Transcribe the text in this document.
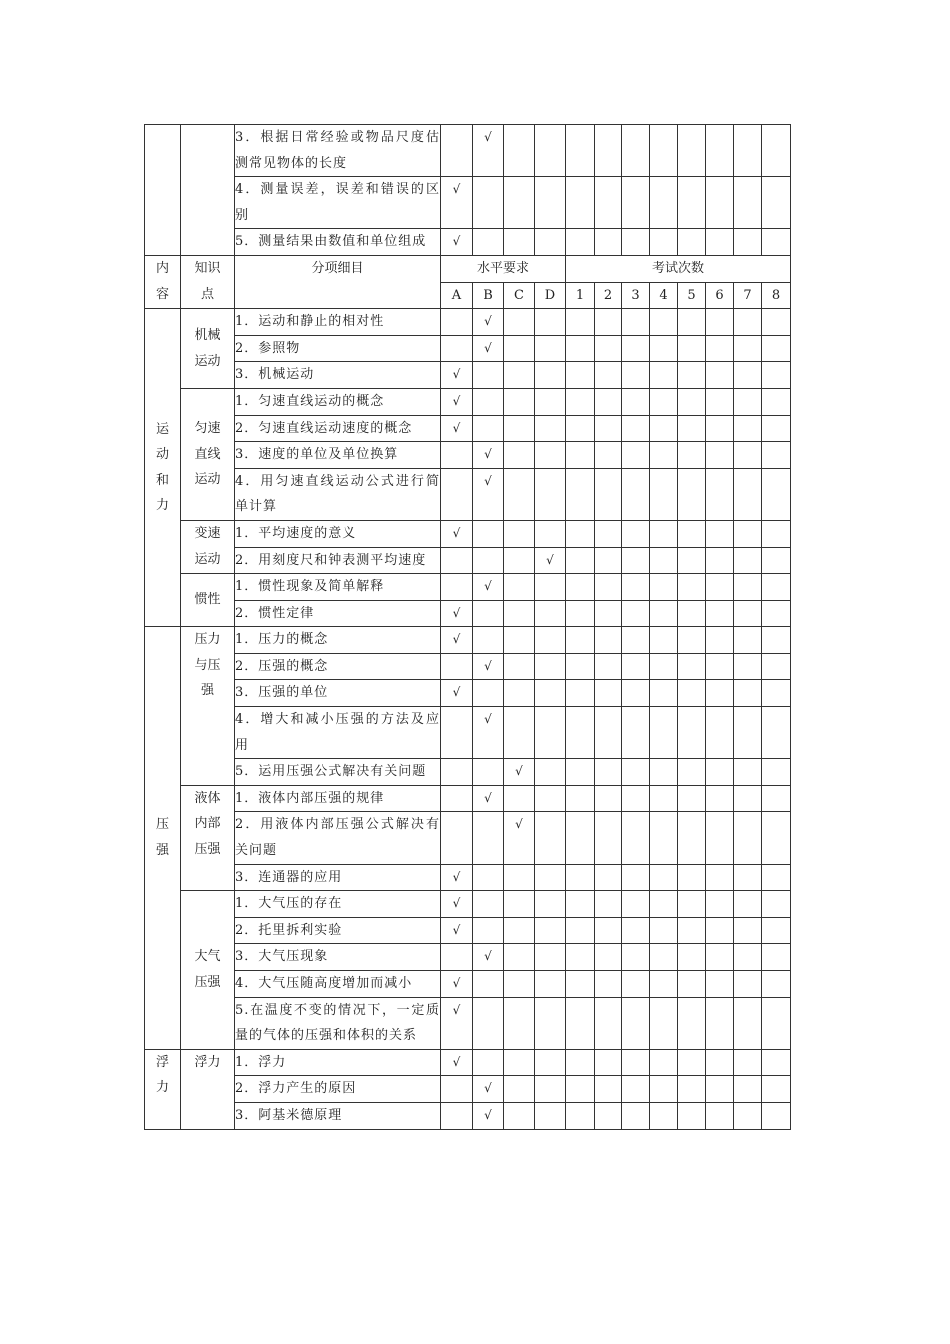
		3．根据日常经验或物品尺度估测常见物体的长度		√										
		4．测量误差，误差和错误的区别	√											
		5．测量结果由数值和单位组成	√											
内容	知识点	分项细目	水平要求				考试次数							
			A	B	C	D	1	2	3	4	5	6	7	8
运动和力	机械运动	1．运动和静止的相对性		√										
		2．参照物		√										
		3．机械运动	√											
	匀速直线运动	1．匀速直线运动的概念	√											
		2．匀速直线运动速度的概念	√											
		3．速度的单位及单位换算		√										
		4．用匀速直线运动公式进行简单计算		√										
	变速运动	1．平均速度的意义	√											
		2．用刻度尺和钟表测平均速度				√								
	惯性	1．惯性现象及简单解释		√										
		2．惯性定律	√											
压强	压力与压强	1．压力的概念	√											
		2．压强的概念		√										
		3．压强的单位	√											
		4．增大和减小压强的方法及应用		√										
		5．运用压强公式解决有关问题			√									
	液体内部压强	1．液体内部压强的规律		√										
		2．用液体内部压强公式解决有关问题			√									
		3．连通器的应用	√											
	大气压强	1．大气压的存在	√											
		2．托里拆利实验	√											
		3．大气压现象		√										
		4．大气压随高度增加而减小	√											
		5.在温度不变的情况下，一定质量的气体的压强和体积的关系	√											
浮力	浮力	1．浮力	√											
		2．浮力产生的原因		√										
		3．阿基米德原理		√										
